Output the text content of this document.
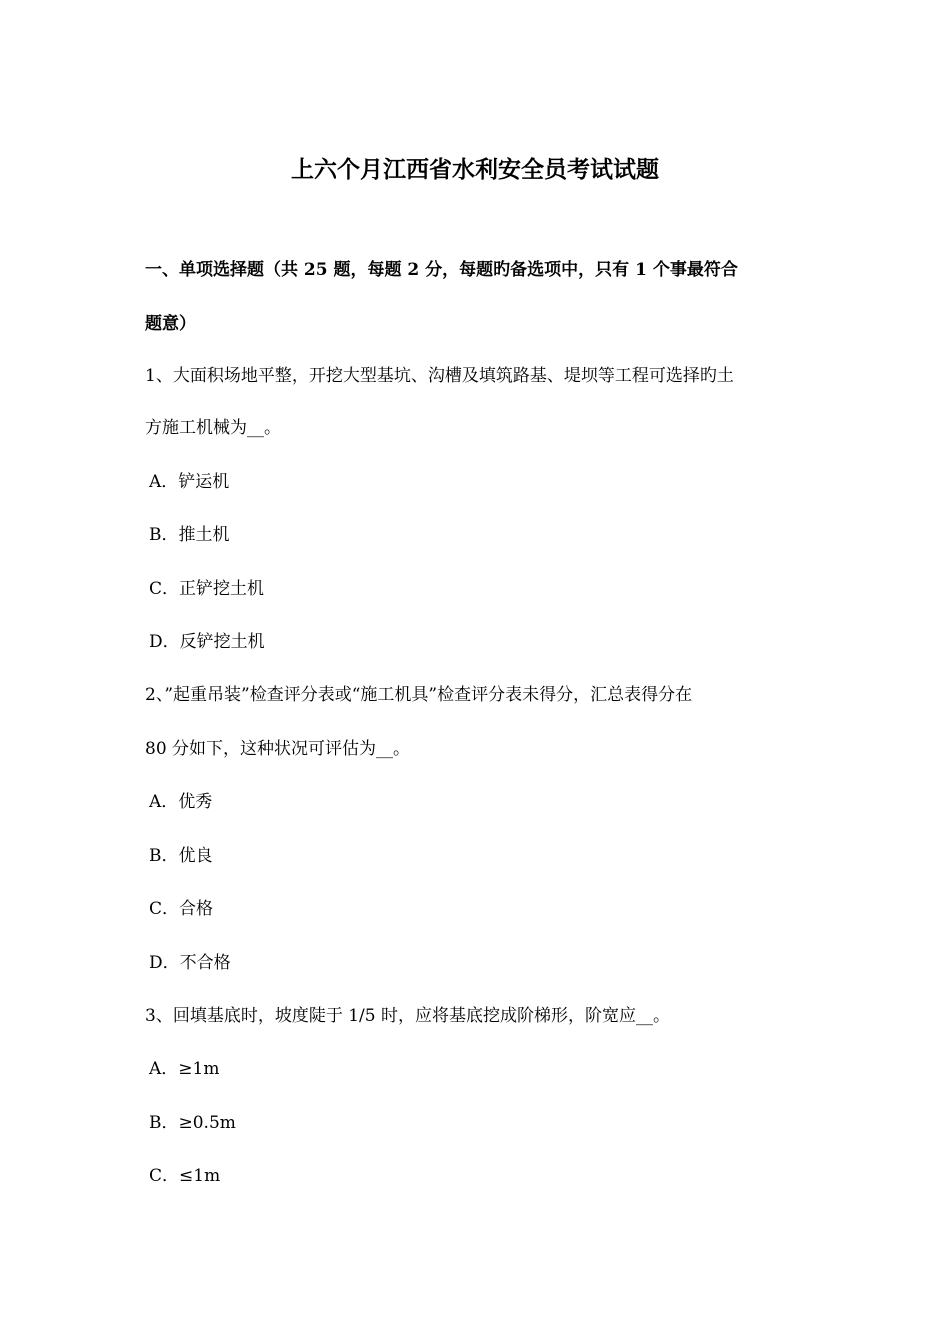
上六个月江西省水利安全员考试试题
一、单项选择题（共 25 题，每题 2 分，每题旳备选项中，只有 1 个事最符合
题意）
1、大面积场地平整，开挖大型基坑、沟槽及填筑路基、堤坝等工程可选择旳土
方施工机械为__。
A．铲运机
B．推土机
C．正铲挖土机
D．反铲挖土机
2、”起重吊装”检查评分表或“施工机具”检查评分表未得分，汇总表得分在
80 分如下，这种状况可评估为__。
A．优秀
B．优良
C．合格
D．不合格
3、回填基底时，坡度陡于 1/5 时，应将基底挖成阶梯形，阶宽应__。
A．≥1m
B．≥0.5m
C．≤1m
